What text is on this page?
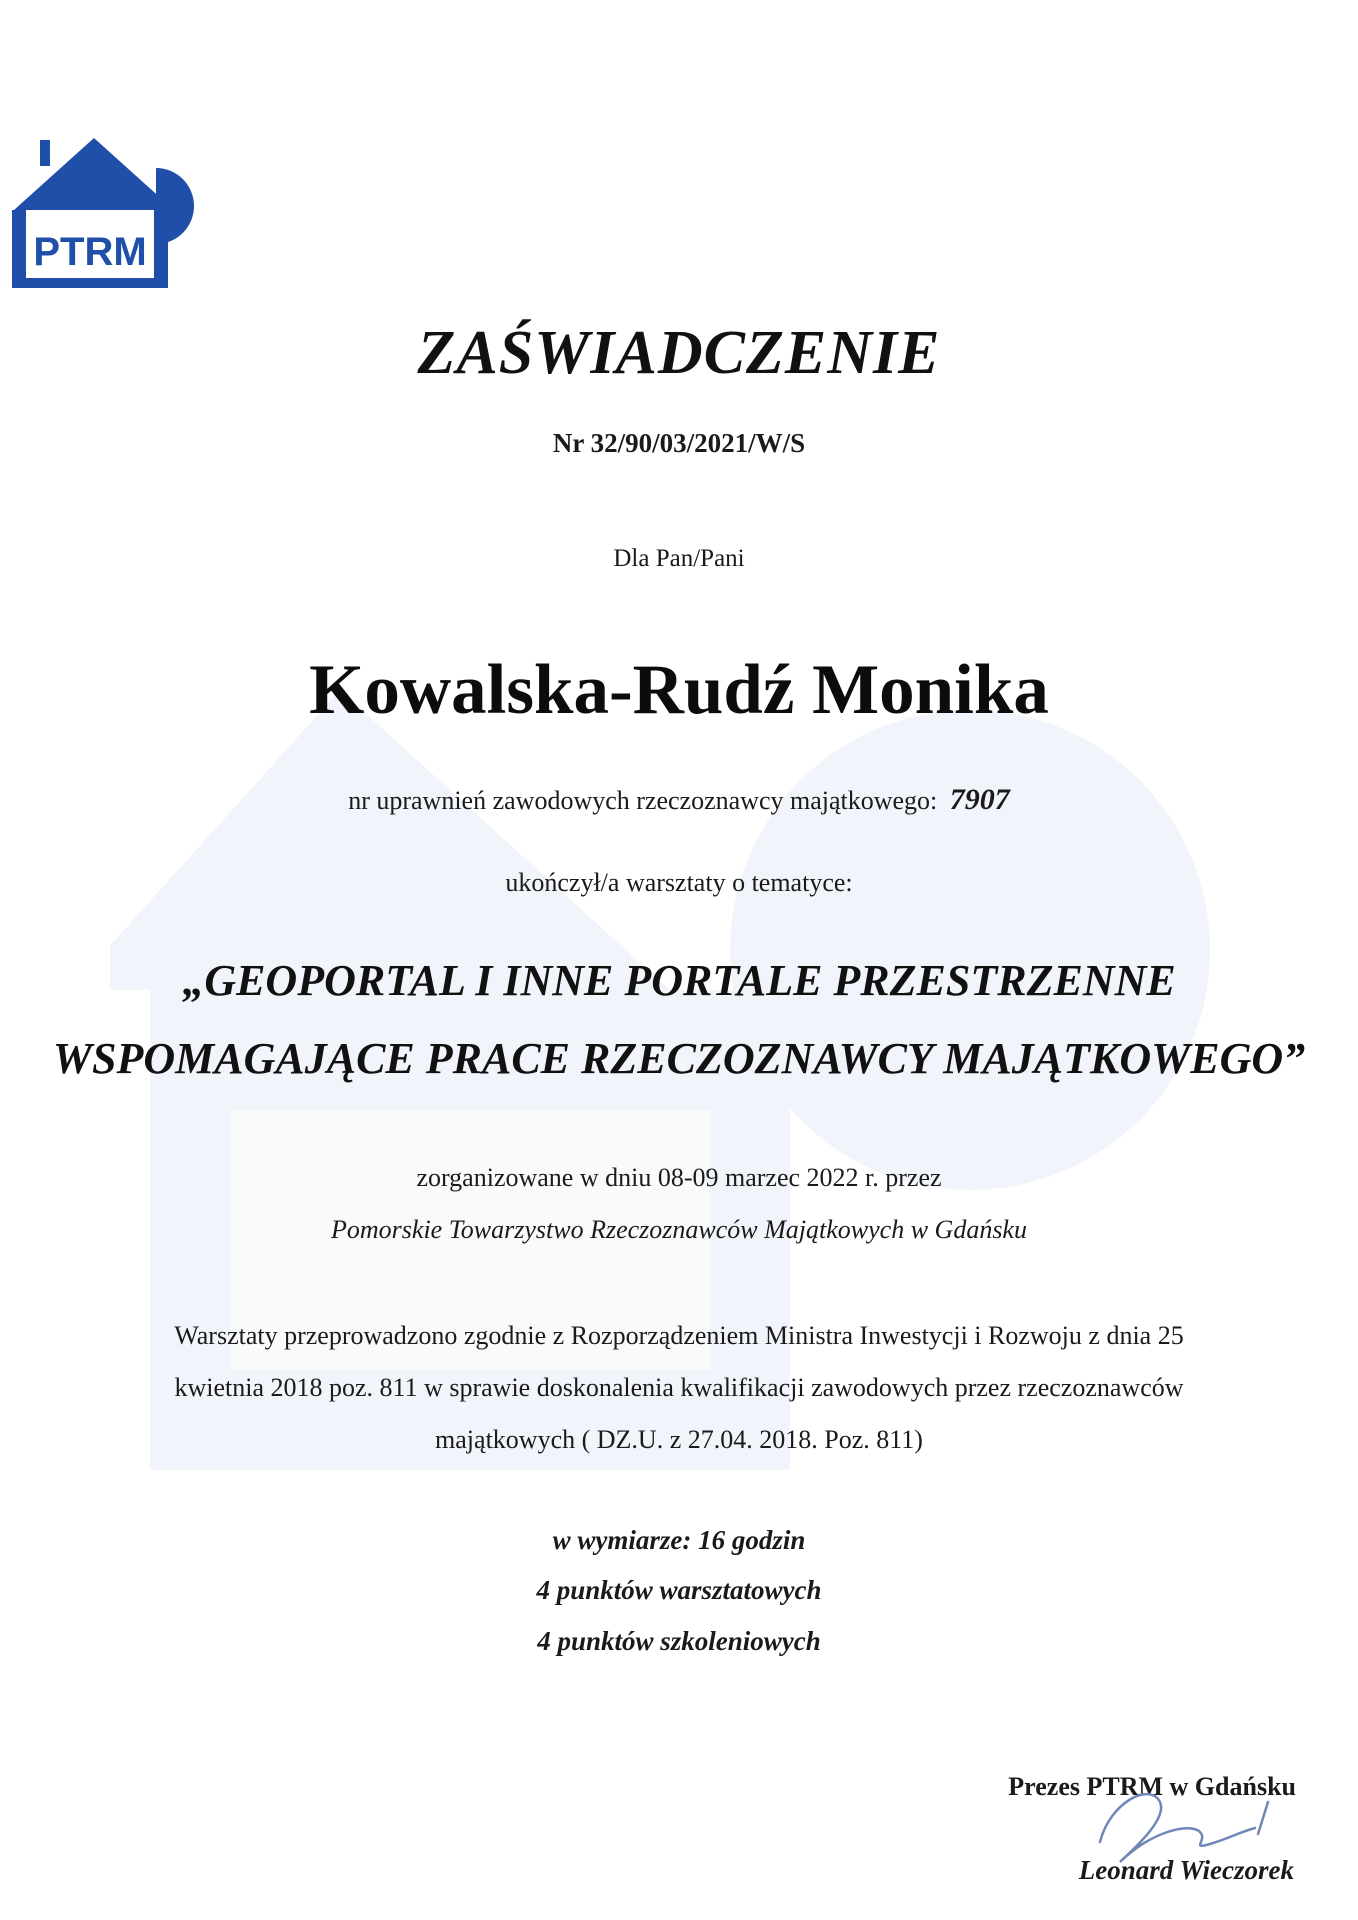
PTRM
ZAŚWIADCZENIE
Nr 32/90/03/2021/W/S
Dla Pan/Pani
Kowalska-Rudź Monika
nr uprawnień zawodowych rzeczoznawcy majątkowego: 7907
ukończył/a warsztaty o tematyce:
„GEOPORTAL I INNE PORTALE PRZESTRZENNE
WSPOMAGAJĄCE PRACE RZECZOZNAWCY MAJĄTKOWEGO”
zorganizowane w dniu 08-09 marzec 2022 r. przez
Pomorskie Towarzystwo Rzeczoznawców Majątkowych w Gdańsku
Warsztaty przeprowadzono zgodnie z Rozporządzeniem Ministra Inwestycji i Rozwoju z dnia 25
kwietnia 2018 poz. 811 w sprawie doskonalenia kwalifikacji zawodowych przez rzeczoznawców
majątkowych ( DZ.U. z 27.04. 2018. Poz. 811)
w wymiarze: 16 godzin
4 punktów warsztatowych
4 punktów szkoleniowych
Prezes PTRM w Gdańsku
Leonard Wieczorek
